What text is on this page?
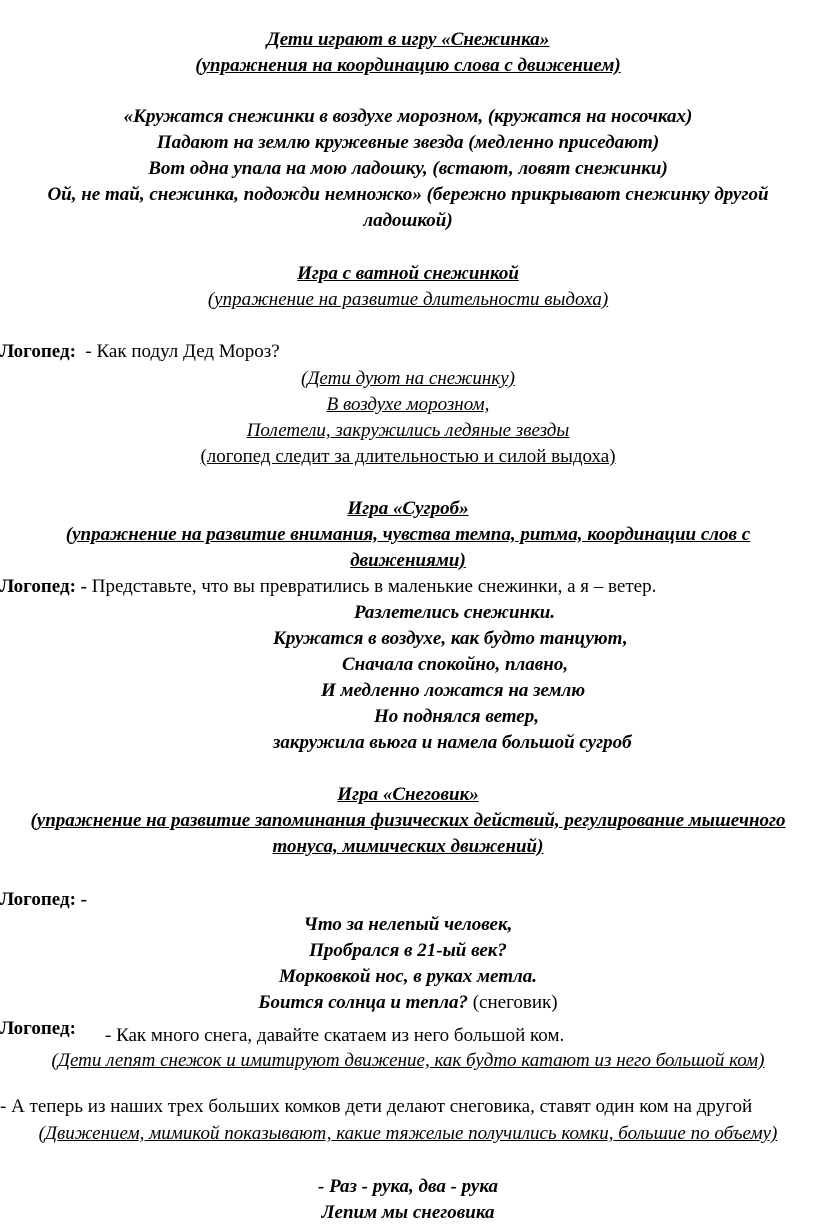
Дети играют в игру «Снежинка»
(упражнения на координацию слова с движением)
«Кружатся снежинки в воздухе морозном, (кружатся на носочках)
Падают на землю кружевные звезда (медленно приседают)
Вот одна упала на мою ладошку, (встают, ловят снежинки)
Ой, не тай, снежинка, подожди немножко» (бережно прикрывают снежинку другой
ладошкой)
Игра с ватной снежинкой
(упражнение на развитие длительности выдоха)
Логопед: - Как подул Дед Мороз?
(Дети дуют на снежинку)
В воздухе морозном,
Полетели, закружились ледяные звезды
(логопед следит за длительностью и силой выдоха)
Игра «Сугроб»
(упражнение на развитие внимания, чувства темпа, ритма, координации слов с
движениями)
Логопед: - Представьте, что вы превратились в маленькие снежинки, а я – ветер.
Разлетелись снежинки.
Кружатся в воздухе, как будто танцуют,
Сначала спокойно, плавно,
И медленно ложатся на землю
Но поднялся ветер,
закружила вьюга и намела большой сугроб
Игра «Снеговик»
(упражнение на развитие запоминания физических действий, регулирование мышечного
тонуса, мимических движений)
Логопед: -
Что за нелепый человек,
Пробрался в 21-ый век?
Морковкой нос, в руках метла.
Боится солнца и тепла? (снеговик)
Логопед: - Как много снега, давайте скатаем из него большой ком.
(Дети лепят снежок и имитируют движение, как будто катают из него большой ком)
- А теперь из наших трех больших комков дети делают снеговика, ставят один ком на другой
(Движением, мимикой показывают, какие тяжелые получились комки, большие по объему)
- Раз - рука, два - рука
Лепим мы снеговика
